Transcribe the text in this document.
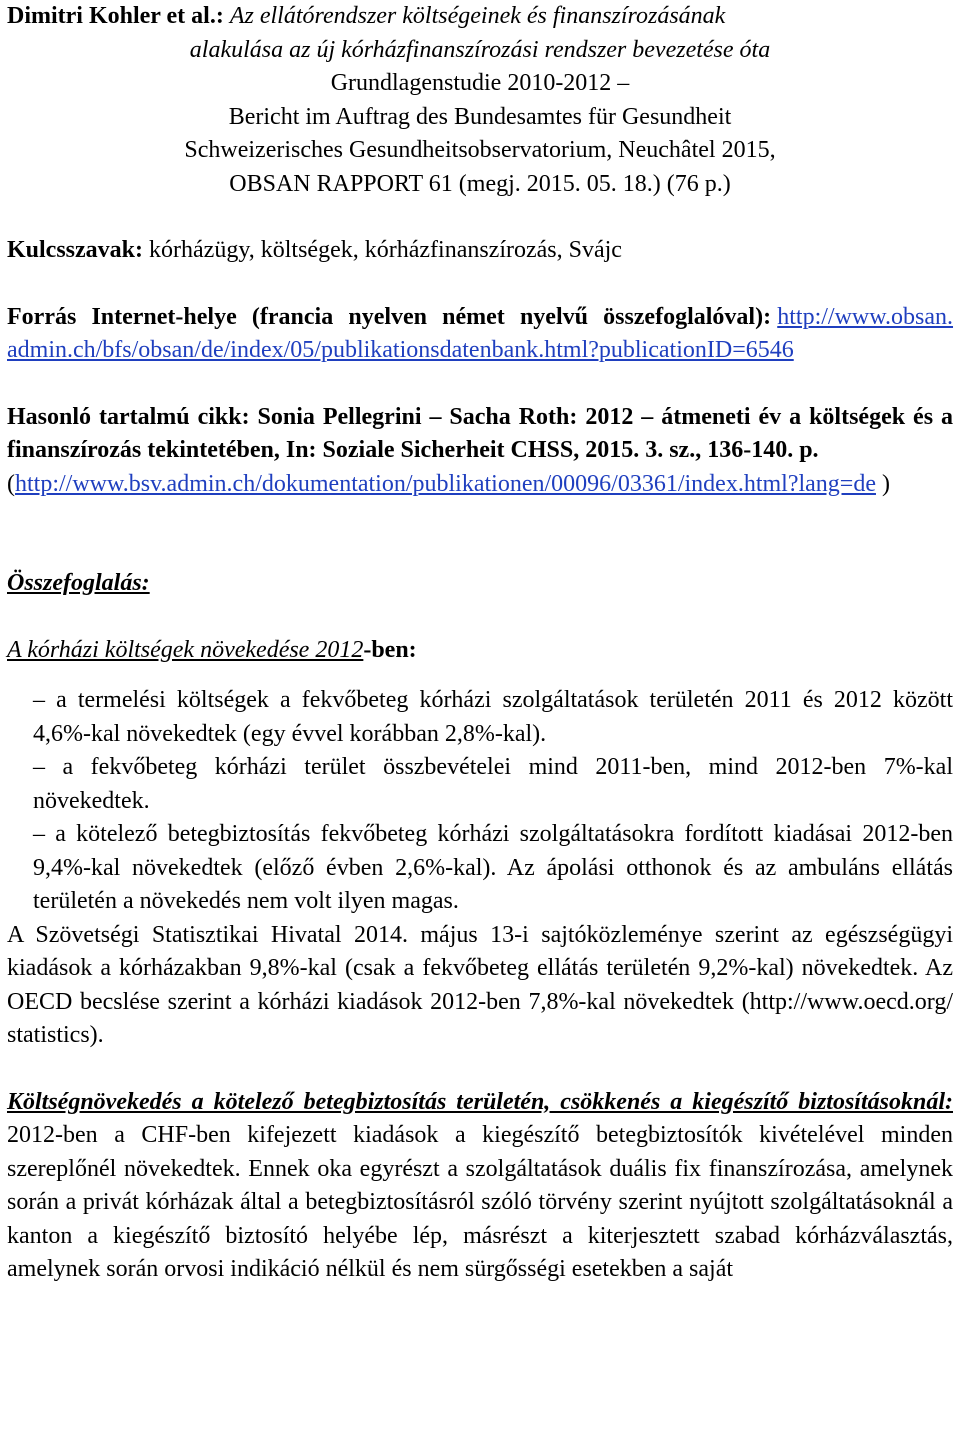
Dimitri Kohler et al.: Az ellátórendszer költségeinek és finanszírozásának

alakulása az új kórházfinanszírozási rendszer bevezetése óta

Grundlagenstudie 2010-2012 –

Bericht im Auftrag des Bundesamtes für Gesundheit

Schweizerisches Gesundheitsobservatorium, Neuchâtel 2015,

OBSAN RAPPORT 61 (megj. 2015. 05. 18.) (76 p.)

Kulcsszavak: kórházügy, költségek, kórházfinanszírozás, Svájc

Forrás Internet-helye (francia nyelven német nyelvű összefoglalóval): http://www.obsan.admin.ch/bfs/obsan/de/index/05/publikationsdatenbank.html?publicationID=6546

Hasonló tartalmú cikk: Sonia Pellegrini – Sacha Roth: 2012 – átmeneti év a költségek és a finanszírozás tekintetében, In: Soziale Sicherheit CHSS, 2015. 3. sz., 136-140. p.

(http://www.bsv.admin.ch/dokumentation/publikationen/00096/03361/index.html?lang=de )

Összefoglalás:

A kórházi költségek növekedése 2012-ben:

– a termelési költségek a fekvőbeteg kórházi szolgáltatások területén 2011 és 2012 között 4,6%-kal növekedtek (egy évvel korábban 2,8%-kal).

– a fekvőbeteg kórházi terület összbevételei mind 2011-ben, mind 2012-ben 7%-kal növekedtek.

– a kötelező betegbiztosítás fekvőbeteg kórházi szolgáltatásokra fordított kiadásai 2012-ben 9,4%-kal növekedtek (előző évben 2,6%-kal). Az ápolási otthonok és az ambuláns ellátás területén a növekedés nem volt ilyen magas.

A Szövetségi Statisztikai Hivatal 2014. május 13-i sajtóközleménye szerint az egészségügyi kiadások a kórházakban 9,8%-kal (csak a fekvőbeteg ellátás területén 9,2%-kal) növekedtek. Az OECD becslése szerint a kórházi kiadások 2012-ben 7,8%-kal növekedtek (http://www.oecd.org/ statistics).

Költségnövekedés a kötelező betegbiztosítás területén, csökkenés a kiegészítő biztosításoknál: 2012-ben a CHF-ben kifejezett kiadások a kiegészítő betegbiztosítók kivételével minden szereplőnél növekedtek. Ennek oka egyrészt a szolgáltatások duális fix finanszírozása, amelynek során a privát kórházak által a betegbiztosításról szóló törvény szerint nyújtott szolgáltatásoknál a kanton a kiegészítő biztosító helyébe lép, másrészt a kiterjesztett szabad kórházválasztás, amelynek során orvosi indikáció nélkül és nem sürgősségi esetekben a saját
